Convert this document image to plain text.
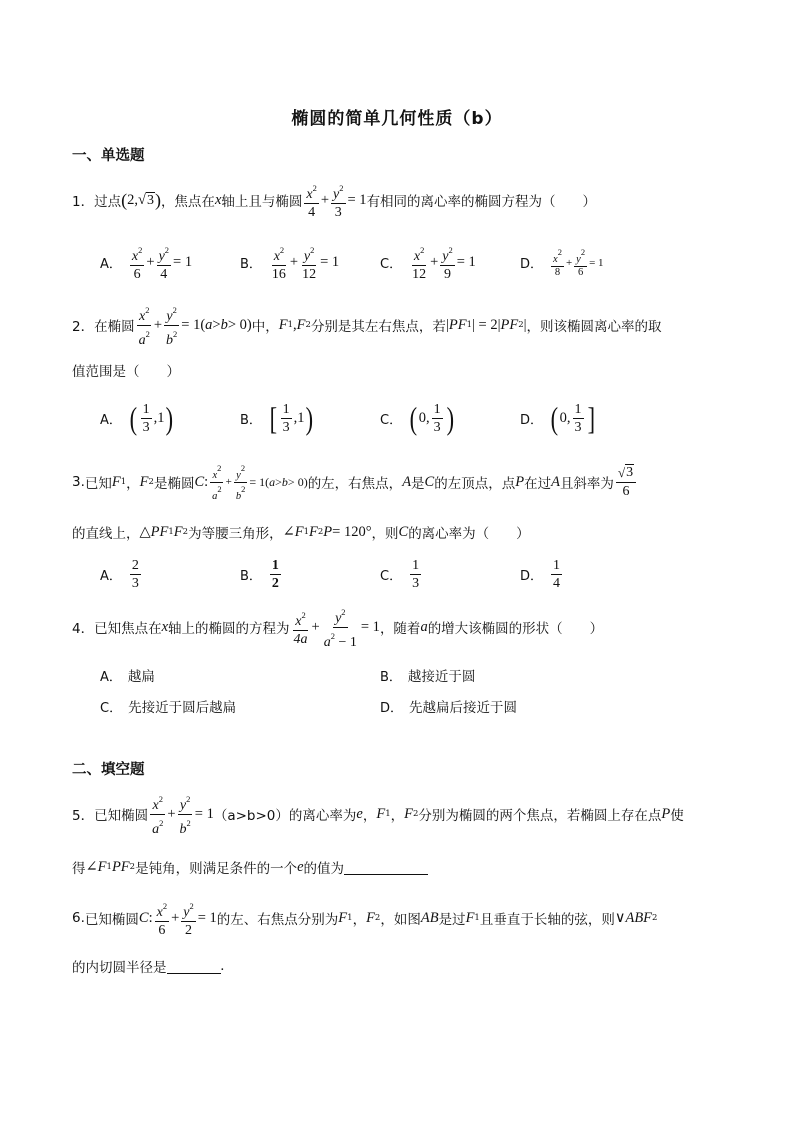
椭圆的简单几何性质（b）
一、单选题
1． 过点 ( 2, √ 3 ) ，焦点在 x 轴上且与椭圆 $\frac{x^2}{4} + \frac{y^2}{3} = 1$ 有相同的离心率的椭圆方程为（　　）
A． $\frac{x^2}{6} + \frac{y^2}{4} = 1$	B． $\frac{x^2}{16} + \frac{y^2}{12} = 1$	C． $\frac{x^2}{12} + \frac{y^2}{9} = 1$	D． $\frac{x^2}{8} + \frac{y^2}{6} = 1$
2． 在椭圆 $\frac{x^2}{a^2} + \frac{y^2}{b^2} = 1$( a > b > 0) 中， F 1 , F 2 分别是其左右焦点，若 | PF 1 | = 2| PF 2 | ，则该椭圆离心率的取
值范围是（　　）
A． ( $\frac{1}{3} ,1$ )	B． [ $\frac{1}{3} ,1$ )	C． ( 0, $\frac{1}{3}$ )	D． ( 0, $\frac{1}{3}$ ]
3. 已知 F 1 ， F 2 是椭圆 C : $\frac{x^2}{a^2} + \frac{y^2}{b^2} = 1$( a > b > 0) 的左，右焦点， A 是 C 的左顶点，点 P 在过 A 且斜率为 $\frac{√ 3}{6}$
的直线上， △ PF 1 F 2 为等腰三角形， ∠ F 1 F 2 P = 120° ，则 C 的离心率为（　　）
A． $\frac{2}{3}$	B． $\frac{1}{2}$	C． $\frac{1}{3}$	D． $\frac{1}{4}$
4． 已知焦点在 x 轴上的椭圆的方程为 $\frac{x^2}{4a} + \frac{y^2}{a^2 - 1} = 1$ ，随着 a 的增大该椭圆的形状（　　）
A． 越扁	B． 越接近于圆
C． 先接近于圆后越扁	D． 先越扁后接近于圆
二、填空题
5． 已知椭圆 $\frac{x^2}{a^2} + \frac{y^2}{b^2} = 1$ （a>b>0）的离心率为 e ， F 1 ， F 2 分别为椭圆的两个焦点，若椭圆上存在点 P 使
得 ∠ F 1 PF 2 是钝角，则满足条件的一个 e 的值为
6. 已知椭圆 C : $\frac{x^2}{6} + \frac{y^2}{2} = 1$ 的左、右焦点分别为 F 1 ， F 2 ，如图 AB 是过 F 1 且垂直于长轴的弦，则 ∨ ABF 2
的内切圆半径是	.
